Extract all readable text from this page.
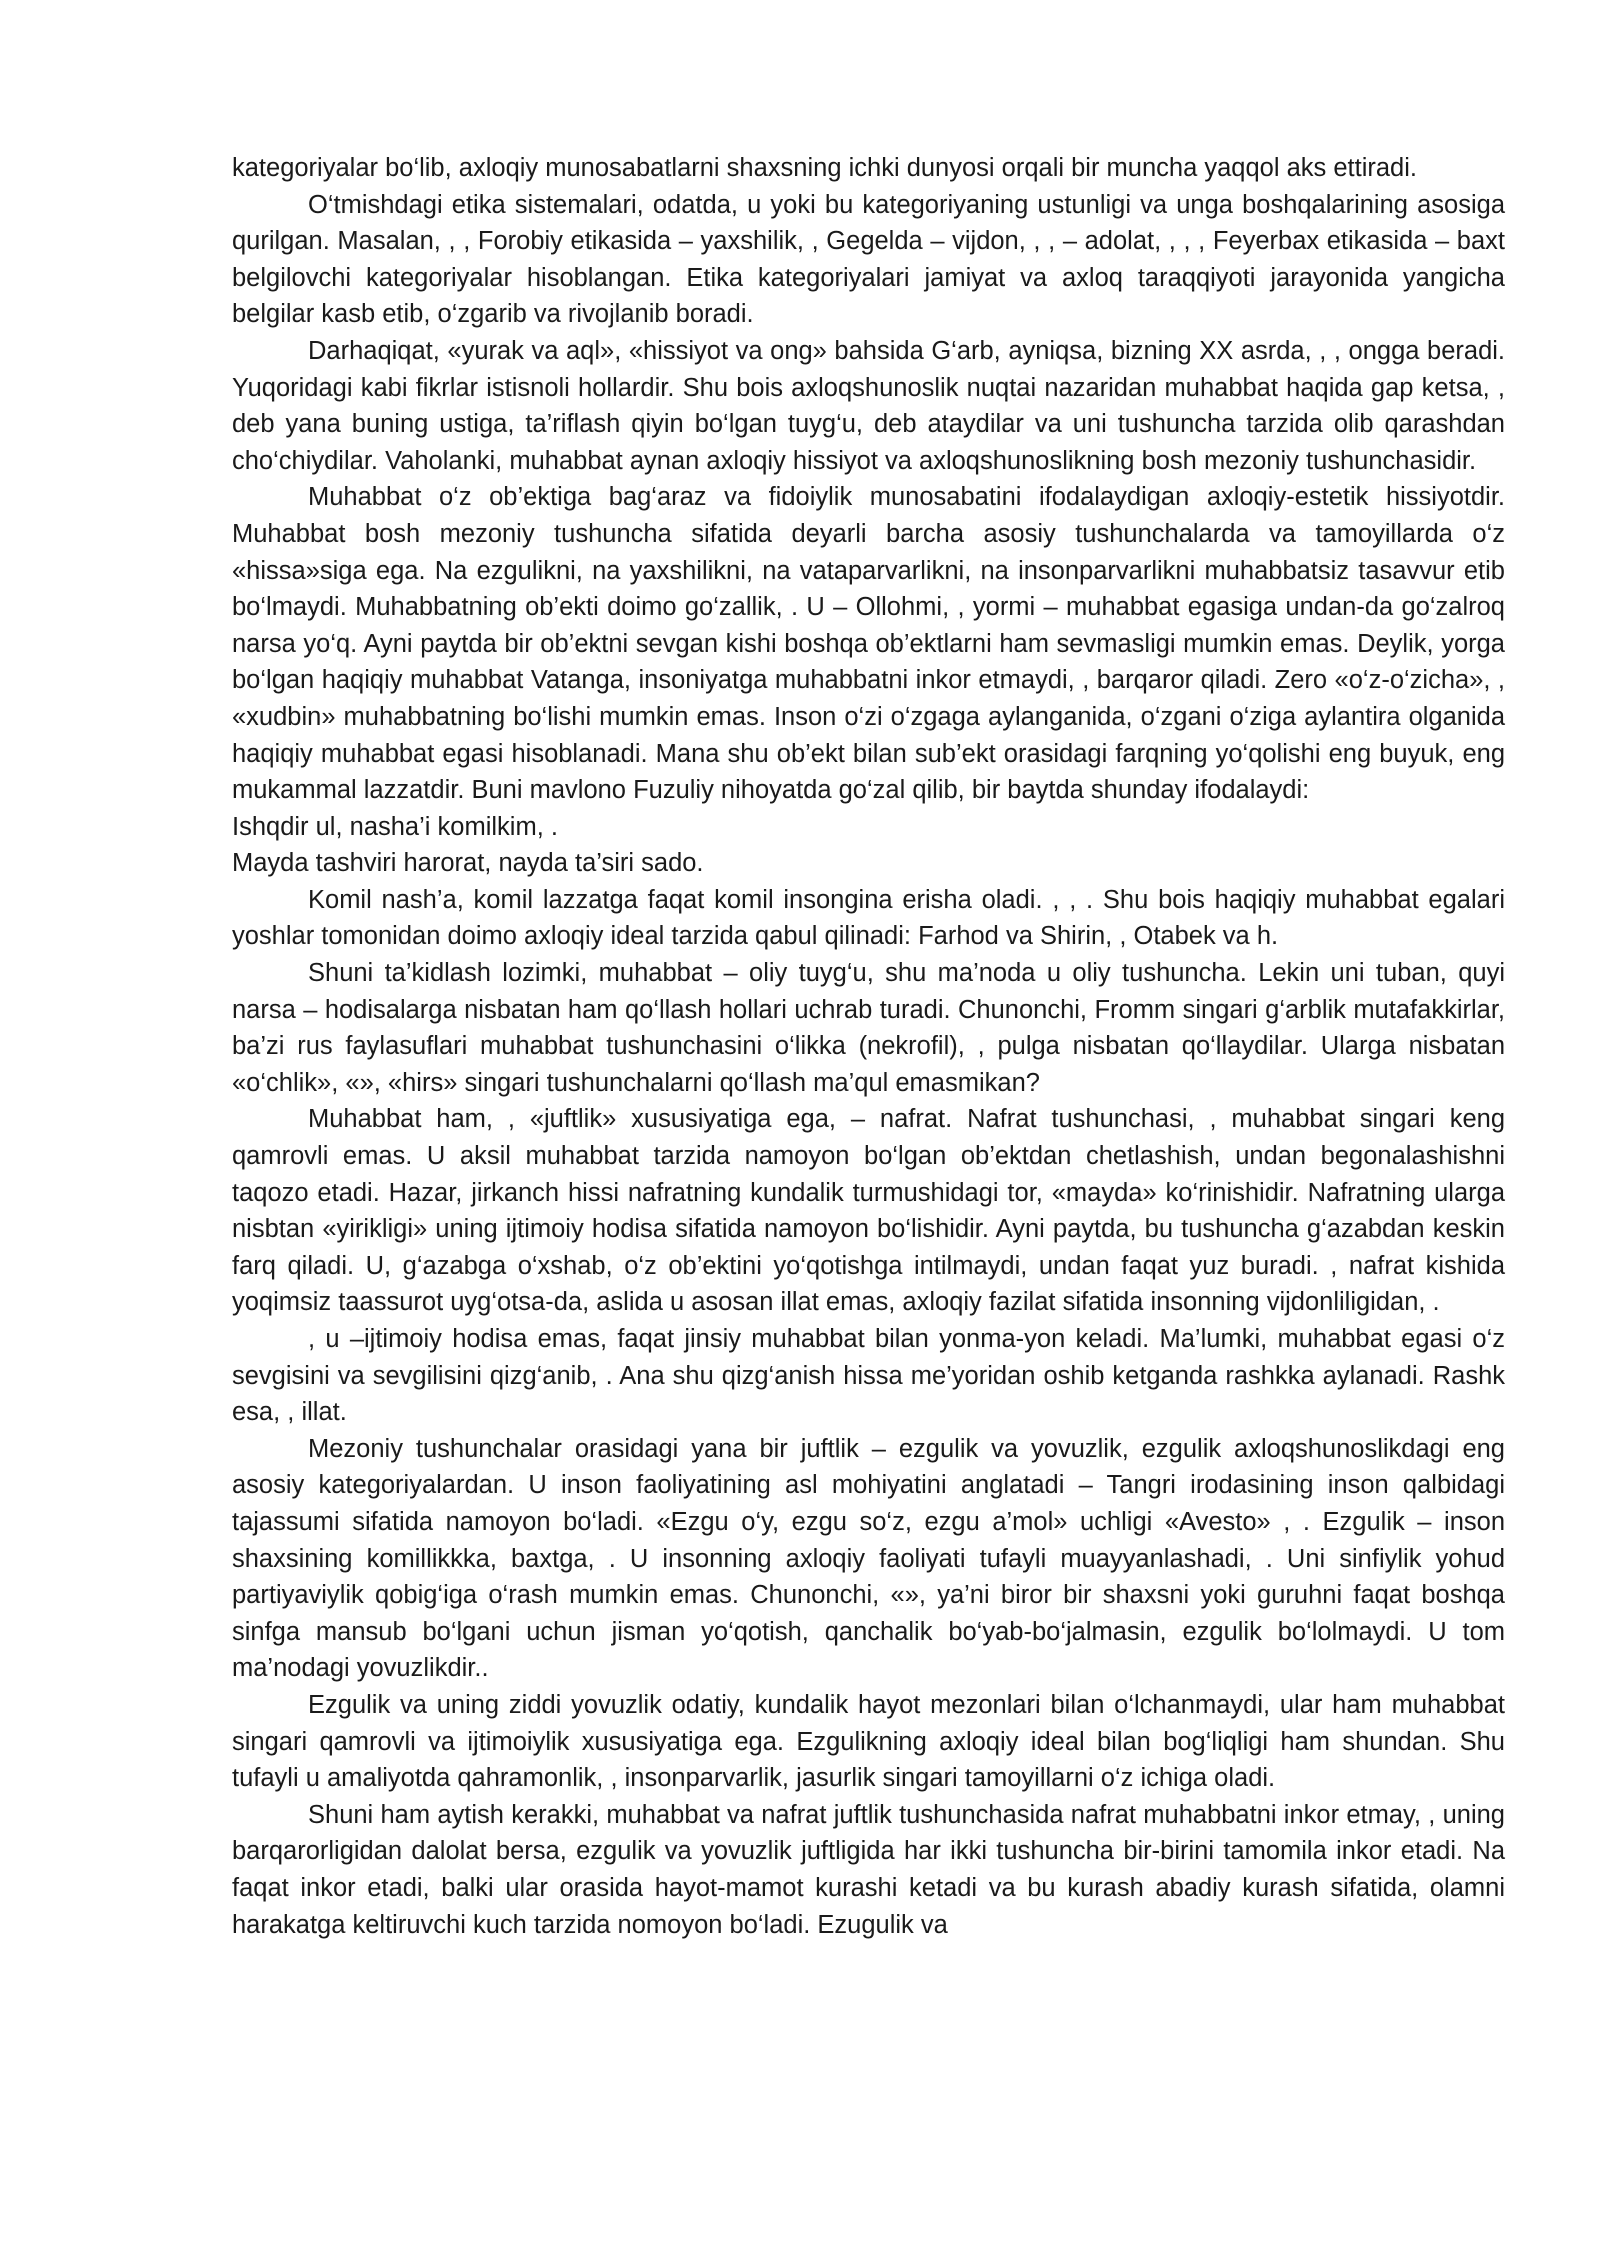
kategoriyalar bo‘lib, axloqiy munosabatlarni shaxsning ichki dunyosi orqali bir muncha yaqqol aks ettiradi.

O‘tmishdagi etika sistemalari, odatda, u yoki bu kategoriyaning ustunligi va unga boshqalarining asosiga qurilgan. Masalan, , , Forobiy etikasida – yaxshilik, , Gegelda – vijdon, , , – adolat, , , , Feyerbax etikasida – baxt belgilovchi kategoriyalar hisoblangan. Etika kategoriyalari jamiyat va axloq taraqqiyoti jarayonida yangicha belgilar kasb etib, o‘zgarib va rivojlanib boradi.

Darhaqiqat, «yurak va aql», «hissiyot va ong» bahsida G‘arb, ayniqsa, bizning XX asrda, , , ongga beradi. Yuqoridagi kabi fikrlar istisnoli hollardir. Shu bois axloqshunoslik nuqtai nazaridan muhabbat haqida gap ketsa, , deb yana buning ustiga, ta’riflash qiyin bo‘lgan tuyg‘u, deb ataydilar va uni tushuncha tarzida olib qarashdan cho‘chiydilar. Vaholanki, muhabbat aynan axloqiy hissiyot va axloqshunoslikning bosh mezoniy tushunchasidir.

Muhabbat o‘z ob’ektiga bag‘araz va fidoiylik munosabatini ifodalaydigan axloqiy-estetik hissiyotdir. Muhabbat bosh mezoniy tushuncha sifatida deyarli barcha asosiy tushunchalarda va tamoyillarda o‘z «hissa»siga ega. Na ezgulikni, na yaxshilikni, na vataparvarlikni, na insonparvarlikni muhabbatsiz tasavvur etib bo‘lmaydi. Muhabbatning ob’ekti doimo go‘zallik, . U – Ollohmi, , yormi – muhabbat egasiga undan-da go‘zalroq narsa yo‘q. Ayni paytda bir ob’ektni sevgan kishi boshqa ob’ektlarni ham sevmasligi mumkin emas. Deylik, yorga bo‘lgan haqiqiy muhabbat Vatanga, insoniyatga muhabbatni inkor etmaydi, , barqaror qiladi. Zero «o‘z-o‘zicha», , «xudbin» muhabbatning bo‘lishi mumkin emas. Inson o‘zi o‘zgaga aylanganida, o‘zgani o‘ziga aylantira olganida haqiqiy muhabbat egasi hisoblanadi. Mana shu ob’ekt bilan sub’ekt orasidagi farqning yo‘qolishi eng buyuk, eng mukammal lazzatdir. Buni mavlono Fuzuliy nihoyatda go‘zal qilib, bir baytda shunday ifodalaydi:

Ishqdir ul, nasha’i komilkim, .

Mayda tashviri harorat, nayda ta’siri sado.

Komil nash’a, komil lazzatga faqat komil insongina erisha oladi. , , . Shu bois haqiqiy muhabbat egalari yoshlar tomonidan doimo axloqiy ideal tarzida qabul qilinadi: Farhod va Shirin, , Otabek va h.

Shuni ta’kidlash lozimki, muhabbat – oliy tuyg‘u, shu ma’noda u oliy tushuncha. Lekin uni tuban, quyi narsa – hodisalarga nisbatan ham qo‘llash hollari uchrab turadi. Chunonchi, Fromm singari g‘arblik mutafakkirlar, ba’zi rus faylasuflari muhabbat tushunchasini o‘likka (nekrofil), , pulga nisbatan qo‘llaydilar. Ularga nisbatan «o‘chlik», «», «hirs» singari tushunchalarni qo‘llash ma’qul emasmikan?

Muhabbat ham, , «juftlik» xususiyatiga ega, – nafrat. Nafrat tushunchasi, , muhabbat singari keng qamrovli emas. U aksil muhabbat tarzida namoyon bo‘lgan ob’ektdan chetlashish, undan begonalashishni taqozo etadi. Hazar, jirkanch hissi nafratning kundalik turmushidagi tor, «mayda» ko‘rinishidir. Nafratning ularga nisbtan «yirikligi» uning ijtimoiy hodisa sifatida namoyon bo‘lishidir. Ayni paytda, bu tushuncha g‘azabdan keskin farq qiladi. U, g‘azabga o‘xshab, o‘z ob’ektini yo‘qotishga intilmaydi, undan faqat yuz buradi. , nafrat kishida yoqimsiz taassurot uyg‘otsa-da, aslida u asosan illat emas, axloqiy fazilat sifatida insonning vijdonliligidan, .

, u –ijtimoiy hodisa emas, faqat jinsiy muhabbat bilan yonma-yon keladi. Ma’lumki, muhabbat egasi o‘z sevgisini va sevgilisini qizg‘anib, . Ana shu qizg‘anish hissa me’yoridan oshib ketganda rashkka aylanadi. Rashk esa, , illat.

Mezoniy tushunchalar orasidagi yana bir juftlik – ezgulik va yovuzlik, ezgulik axloqshunoslikdagi eng asosiy kategoriyalardan. U inson faoliyatining asl mohiyatini anglatadi – Tangri irodasining inson qalbidagi tajassumi sifatida namoyon bo‘ladi. «Ezgu o‘y, ezgu so‘z, ezgu a’mol» uchligi «Avesto» , . Ezgulik – inson shaxsining komillikkka, baxtga, . U insonning axloqiy faoliyati tufayli muayyanlashadi, . Uni sinfiylik yohud partiyaviylik qobig‘iga o‘rash mumkin emas. Chunonchi, «», ya’ni biror bir shaxsni yoki guruhni faqat boshqa sinfga mansub bo‘lgani uchun jisman yo‘qotish, qanchalik bo‘yab-bo‘jalmasin, ezgulik bo‘lolmaydi. U tom ma’nodagi yovuzlikdir..

Ezgulik va uning ziddi yovuzlik odatiy, kundalik hayot mezonlari bilan o‘lchanmaydi, ular ham muhabbat singari qamrovli va ijtimoiylik xususiyatiga ega. Ezgulikning axloqiy ideal bilan bog‘liqligi ham shundan. Shu tufayli u amaliyotda qahramonlik, , insonparvarlik, jasurlik singari tamoyillarni o‘z ichiga oladi.

Shuni ham aytish kerakki, muhabbat va nafrat juftlik tushunchasida nafrat muhabbatni inkor etmay, , uning barqarorligidan dalolat bersa, ezgulik va yovuzlik juftligida har ikki tushuncha bir-birini tamomila inkor etadi. Na faqat inkor etadi, balki ular orasida hayot-mamot kurashi ketadi va bu kurash abadiy kurash sifatida, olamni harakatga keltiruvchi kuch tarzida nomoyon bo‘ladi. Ezugulik va
